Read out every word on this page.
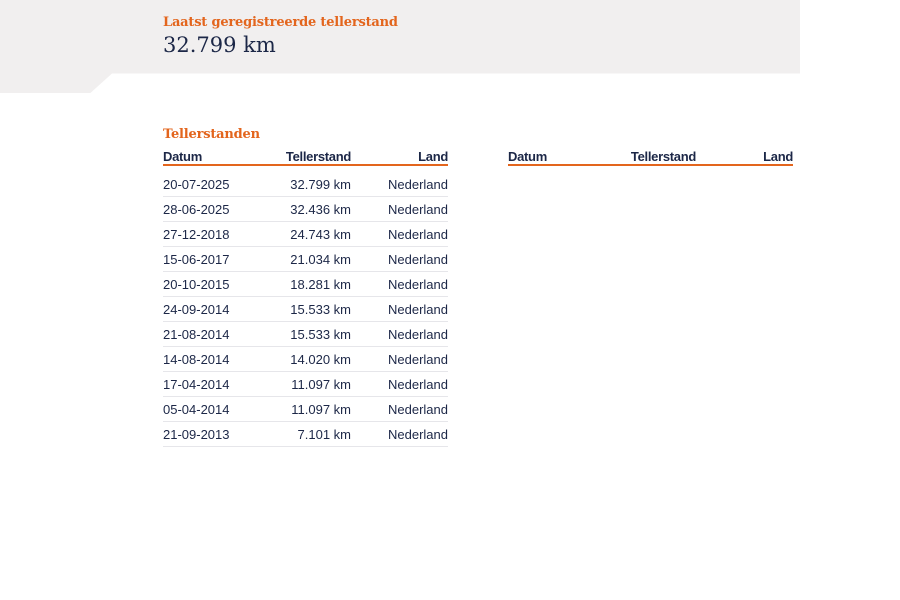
Laatst geregistreerde tellerstand
32.799 km
Tellerstanden
Datum	Tellerstand	Land
20-07-2025	32.799 km	Nederland
28-06-2025	32.436 km	Nederland
27-12-2018	24.743 km	Nederland
15-06-2017	21.034 km	Nederland
20-10-2015	18.281 km	Nederland
24-09-2014	15.533 km	Nederland
21-08-2014	15.533 km	Nederland
14-08-2014	14.020 km	Nederland
17-04-2014	11.097 km	Nederland
05-04-2014	11.097 km	Nederland
21-09-2013	7.101 km	Nederland
Datum	Tellerstand	Land
